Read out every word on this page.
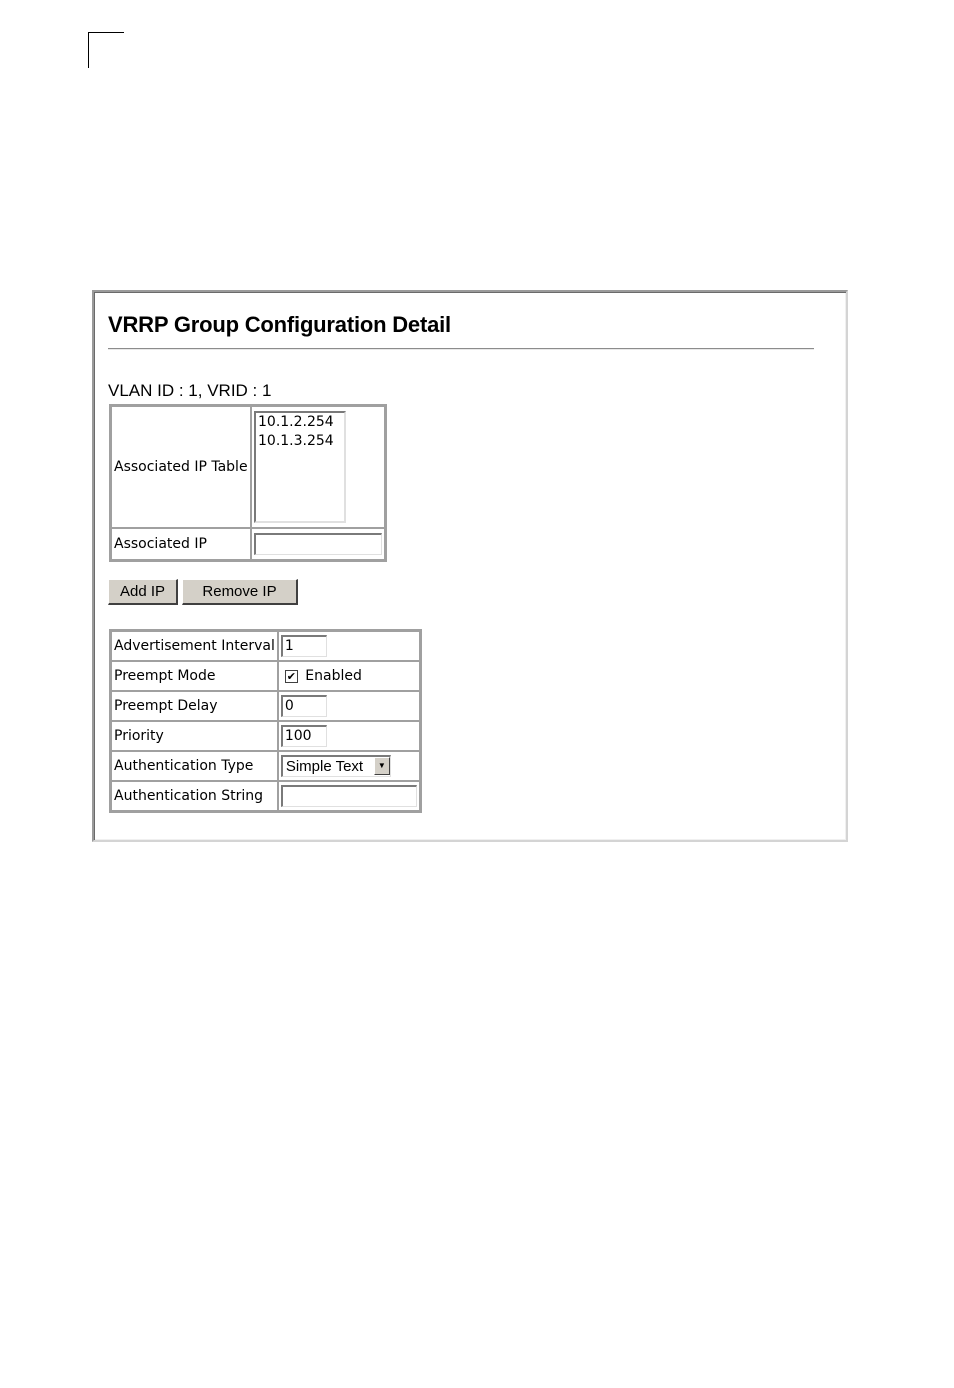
VRRP Group Configuration Detail
VLAN ID : 1, VRID : 1
Associated IP Table	10.1.2.254
10.1.3.254

Associated IP	
Add IP	Remove IP
Advertisement Interval	1

Preempt Mode	✔ Enabled
Preempt Delay	0

Priority	100

Authentication Type	Simple Text ▼

Authentication String	
